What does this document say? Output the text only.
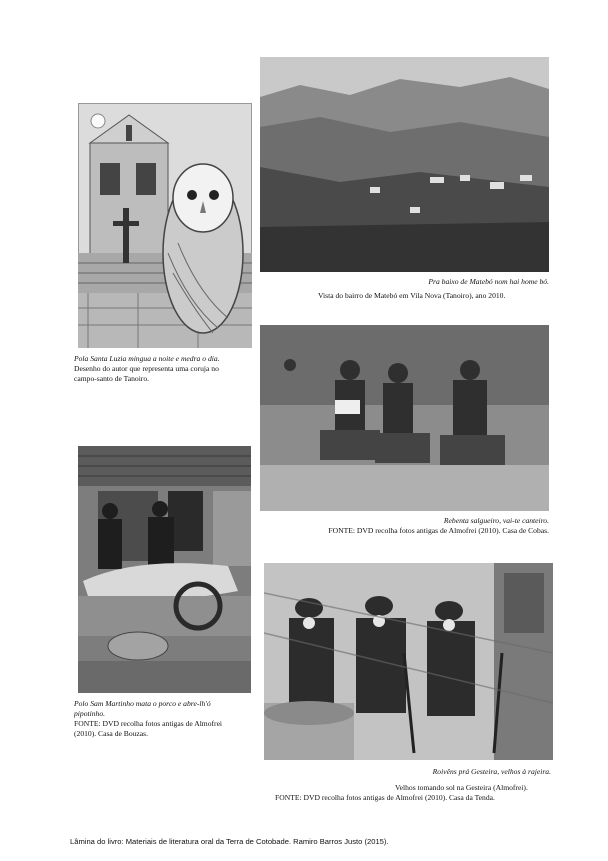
Pola Santa Luzia mingua a noite e medra o dia.
Desenho do autor que representa uma coruja no
campo-santo de Tanoiro.
Pra baixo de Matebó nom hai home bó.
Vista do bairro de Matebó em Vila Nova (Tanoiro), ano 2010.
Rebenta salgueiro, vai-te canteiro.
FONTE: DVD recolha fotos antigas de Almofrei (2010). Casa de Cobas.
Polo Sam Martinho mata o porco e abre-lh'ó
pipotinho.
FONTE: DVD recolha fotos antigas de Almofrei
(2010). Casa de Bouzas.
Roivêns prá Gesteira, velhos à rajeira.
Velhos tomando sol na Gesteira (Almofrei).
FONTE: DVD recolha fotos antigas de Almofrei (2010). Casa da Tenda.
Lâmina do livro: Materiais de literatura oral da Terra de Cotobade. Ramiro Barros Justo (2015).
